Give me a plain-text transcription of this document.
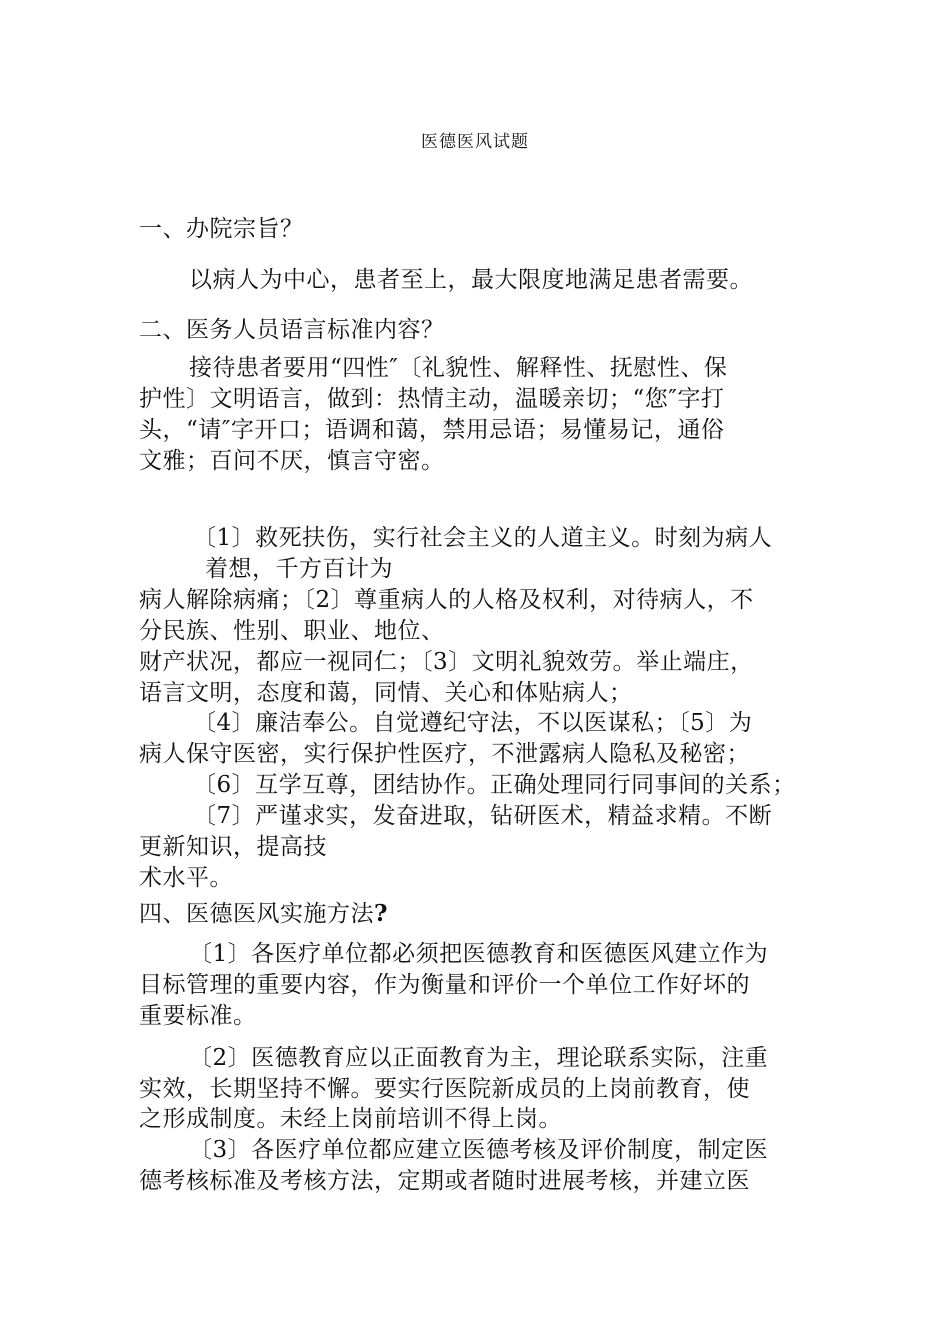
医德医风试题
一、办院宗旨？
以病人为中心，患者至上，最大限度地满足患者需要。
二、医务人员语言标准内容？
接待患者要用“四性″〔礼貌性、解释性、抚慰性、保
护性〕文明语言，做到：热情主动，温暖亲切；“您″字打
头，“请″字开口；语调和蔼，禁用忌语；易懂易记，通俗
文雅；百问不厌，慎言守密。
〔1〕救死扶伤，实行社会主义的人道主义。时刻为病人
着想，千方百计为
病人解除病痛；〔2〕尊重病人的人格及权利，对待病人，不
分民族、性别、职业、地位、
财产状况，都应一视同仁；〔3〕文明礼貌效劳。举止端庄，
语言文明，态度和蔼，同情、关心和体贴病人；
〔4〕廉洁奉公。自觉遵纪守法，不以医谋私；〔5〕为
病人保守医密，实行保护性医疗，不泄露病人隐私及秘密；
〔6〕互学互尊，团结协作。正确处理同行同事间的关系；
〔7〕严谨求实，发奋进取，钻研医术，精益求精。不断
更新知识，提高技
术水平。
四、医德医风实施方法?
〔1〕各医疗单位都必须把医德教育和医德医风建立作为
目标管理的重要内容，作为衡量和评价一个单位工作好坏的
重要标准。
〔2〕医德教育应以正面教育为主，理论联系实际，注重
实效，长期坚持不懈。要实行医院新成员的上岗前教育，使
之形成制度。未经上岗前培训不得上岗。
〔3〕各医疗单位都应建立医德考核及评价制度，制定医
德考核标准及考核方法，定期或者随时进展考核，并建立医
